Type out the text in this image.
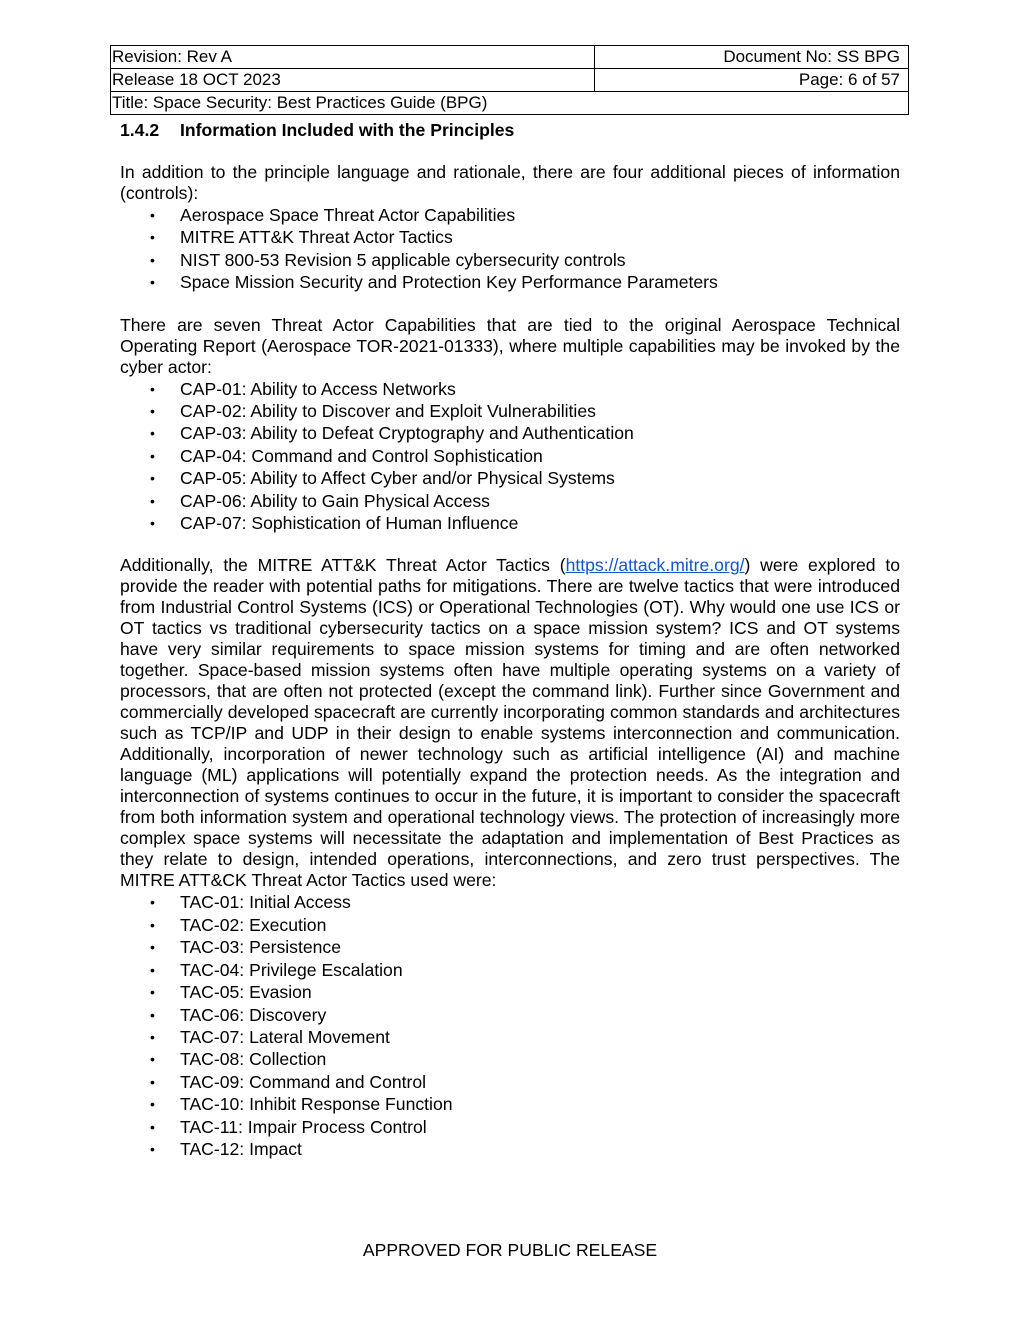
Revision: Rev A	Document No: SS BPG
Release 18 OCT 2023	Page: 6 of 57
Title: Space Security: Best Practices Guide (BPG)	
1.4.2 Information Included with the Principles

In addition to the principle language and rationale, there are four additional pieces of information (controls):

• Aerospace Space Threat Actor Capabilities
• MITRE ATT&K Threat Actor Tactics
• NIST 800-53 Revision 5 applicable cybersecurity controls
• Space Mission Security and Protection Key Performance Parameters

There are seven Threat Actor Capabilities that are tied to the original Aerospace Technical Operating Report (Aerospace TOR-2021-01333), where multiple capabilities may be invoked by the cyber actor:

• CAP-01: Ability to Access Networks
• CAP-02: Ability to Discover and Exploit Vulnerabilities
• CAP-03: Ability to Defeat Cryptography and Authentication
• CAP-04: Command and Control Sophistication
• CAP-05: Ability to Affect Cyber and/or Physical Systems
• CAP-06: Ability to Gain Physical Access
• CAP-07: Sophistication of Human Influence

Additionally, the MITRE ATT&K Threat Actor Tactics (https://attack.mitre.org/) were explored to provide the reader with potential paths for mitigations. There are twelve tactics that were introduced from Industrial Control Systems (ICS) or Operational Technologies (OT). Why would one use ICS or OT tactics vs traditional cybersecurity tactics on a space mission system? ICS and OT systems have very similar requirements to space mission systems for timing and are often networked together. Space-based mission systems often have multiple operating systems on a variety of processors, that are often not protected (except the command link). Further since Government and commercially developed spacecraft are currently incorporating common standards and architectures such as TCP/IP and UDP in their design to enable systems interconnection and communication. Additionally, incorporation of newer technology such as artificial intelligence (AI) and machine language (ML) applications will potentially expand the protection needs. As the integration and interconnection of systems continues to occur in the future, it is important to consider the spacecraft from both information system and operational technology views. The protection of increasingly more complex space systems will necessitate the adaptation and implementation of Best Practices as they relate to design, intended operations, interconnections, and zero trust perspectives. The MITRE ATT&CK Threat Actor Tactics used were:

• TAC-01: Initial Access
• TAC-02: Execution
• TAC-03: Persistence
• TAC-04: Privilege Escalation
• TAC-05: Evasion
• TAC-06: Discovery
• TAC-07: Lateral Movement
• TAC-08: Collection
• TAC-09: Command and Control
• TAC-10: Inhibit Response Function
• TAC-11: Impair Process Control
• TAC-12: Impact
APPROVED FOR PUBLIC RELEASE
